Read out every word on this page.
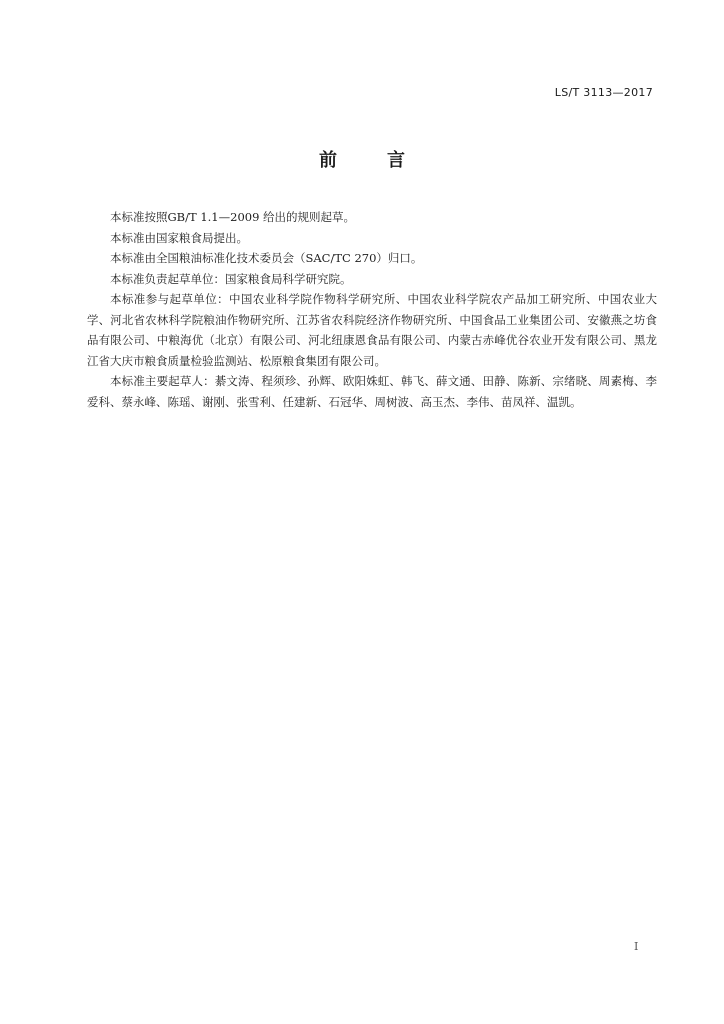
LS/T 3113—2017
前　言

本标准按照GB/T 1.1—2009 给出的规则起草。

本标准由国家粮食局提出。

本标准由全国粮油标准化技术委员会（SAC/TC 270）归口。

本标准负责起草单位：国家粮食局科学研究院。

本标准参与起草单位：中国农业科学院作物科学研究所、中国农业科学院农产品加工研究所、中国农业大学、河北省农林科学院粮油作物研究所、江苏省农科院经济作物研究所、中国食品工业集团公司、安徽燕之坊食品有限公司、中粮海优（北京）有限公司、河北纽康恩食品有限公司、内蒙古赤峰优谷农业开发有限公司、黑龙江省大庆市粮食质量检验监测站、松原粮食集团有限公司。

本标准主要起草人：綦文涛、程须珍、孙辉、欧阳姝虹、韩飞、薛文通、田静、陈新、宗绪晓、周素梅、李爱科、蔡永峰、陈瑶、谢刚、张雪利、任建新、石冠华、周树波、高玉杰、李伟、苗凤祥、温凯。

I
